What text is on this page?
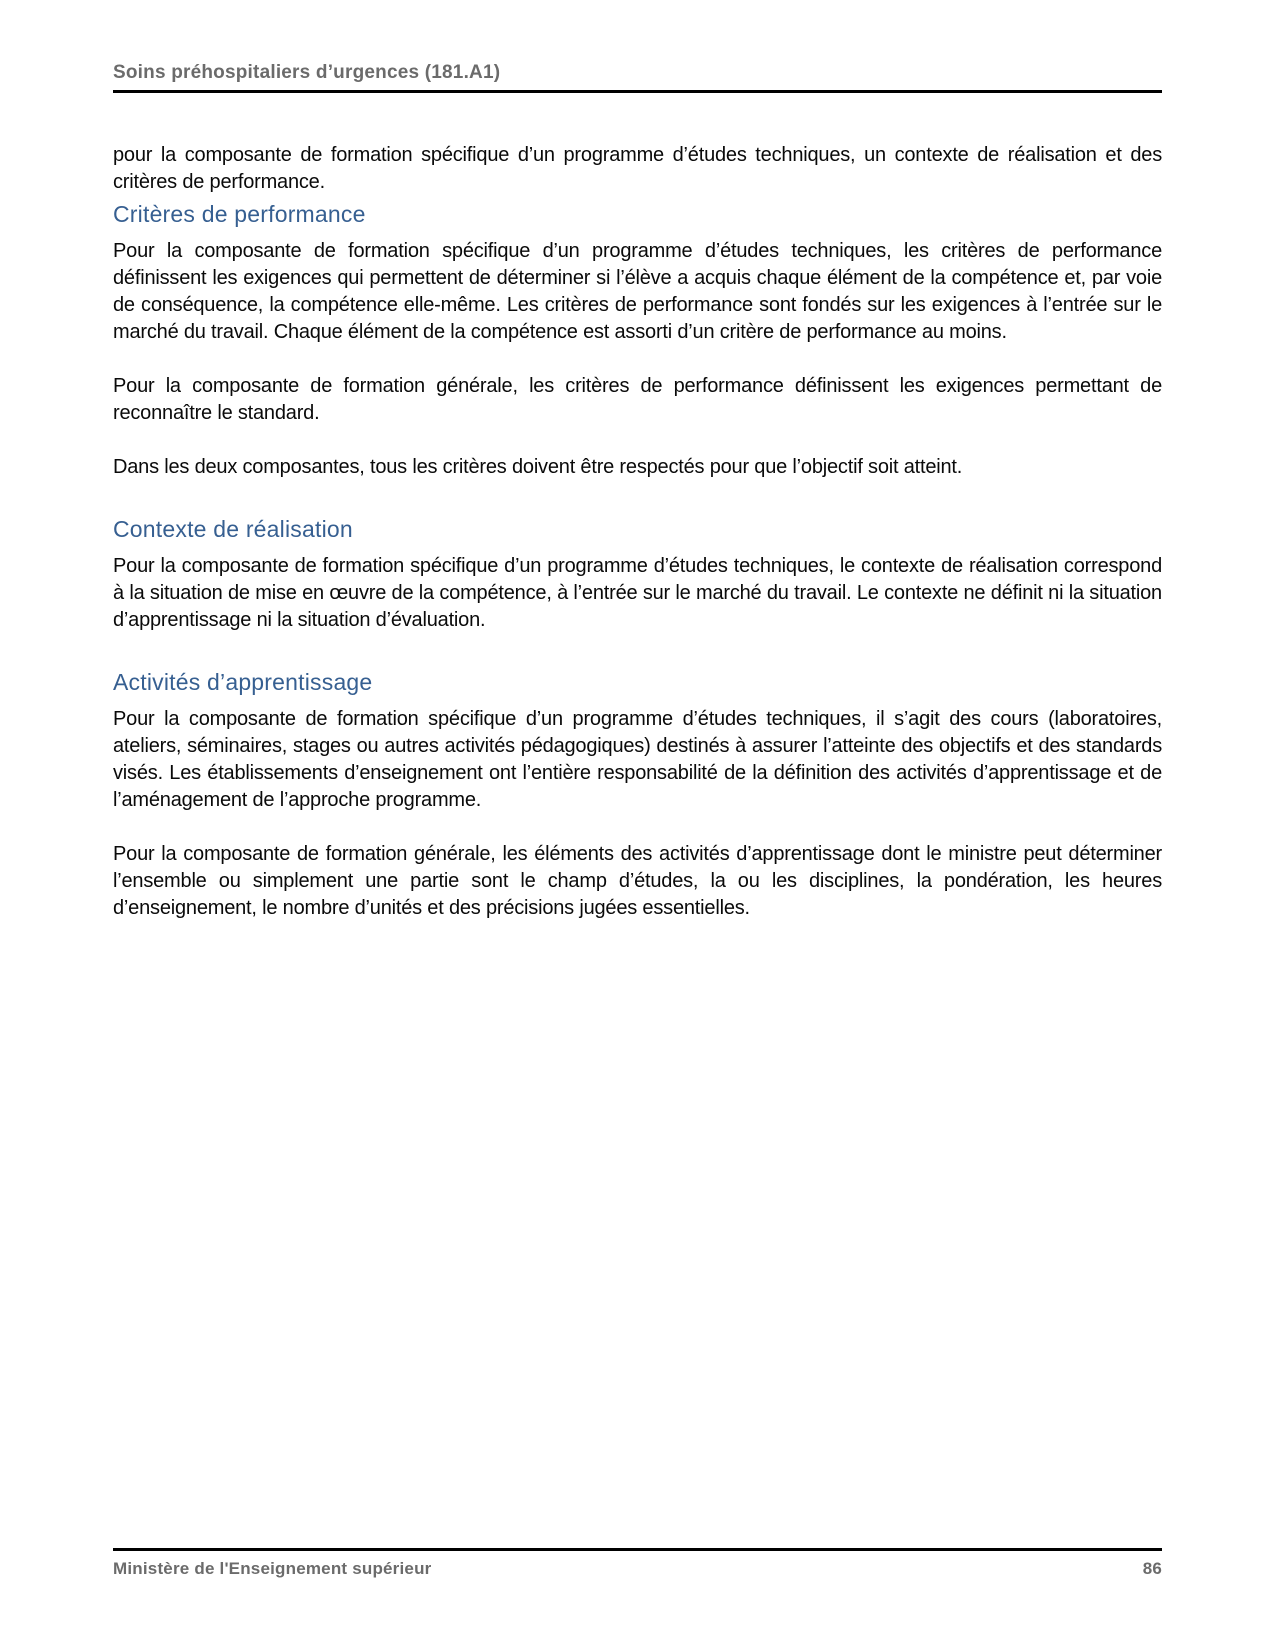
Soins préhospitaliers d’urgences (181.A1)

pour la composante de formation spécifique d’un programme d’études techniques, un contexte de réalisation et des critères de performance.

Critères de performance

Pour la composante de formation spécifique d’un programme d’études techniques, les critères de performance définissent les exigences qui permettent de déterminer si l’élève a acquis chaque élément de la compétence et, par voie de conséquence, la compétence elle-même. Les critères de performance sont fondés sur les exigences à l’entrée sur le marché du travail. Chaque élément de la compétence est assorti d’un critère de performance au moins.

Pour la composante de formation générale, les critères de performance définissent les exigences permettant de reconnaître le standard.

Dans les deux composantes, tous les critères doivent être respectés pour que l’objectif soit atteint.

Contexte de réalisation

Pour la composante de formation spécifique d’un programme d’études techniques, le contexte de réalisation correspond à la situation de mise en œuvre de la compétence, à l’entrée sur le marché du travail. Le contexte ne définit ni la situation d’apprentissage ni la situation d’évaluation.

Activités d’apprentissage

Pour la composante de formation spécifique d’un programme d’études techniques, il s’agit des cours (laboratoires, ateliers, séminaires, stages ou autres activités pédagogiques) destinés à assurer l’atteinte des objectifs et des standards visés. Les établissements d’enseignement ont l’entière responsabilité de la définition des activités d’apprentissage et de l’aménagement de l’approche programme.

Pour la composante de formation générale, les éléments des activités d’apprentissage dont le ministre peut déterminer l’ensemble ou simplement une partie sont le champ d’études, la ou les disciplines, la pondération, les heures d’enseignement, le nombre d’unités et des précisions jugées essentielles.

Ministère de l'Enseignement supérieur	86
